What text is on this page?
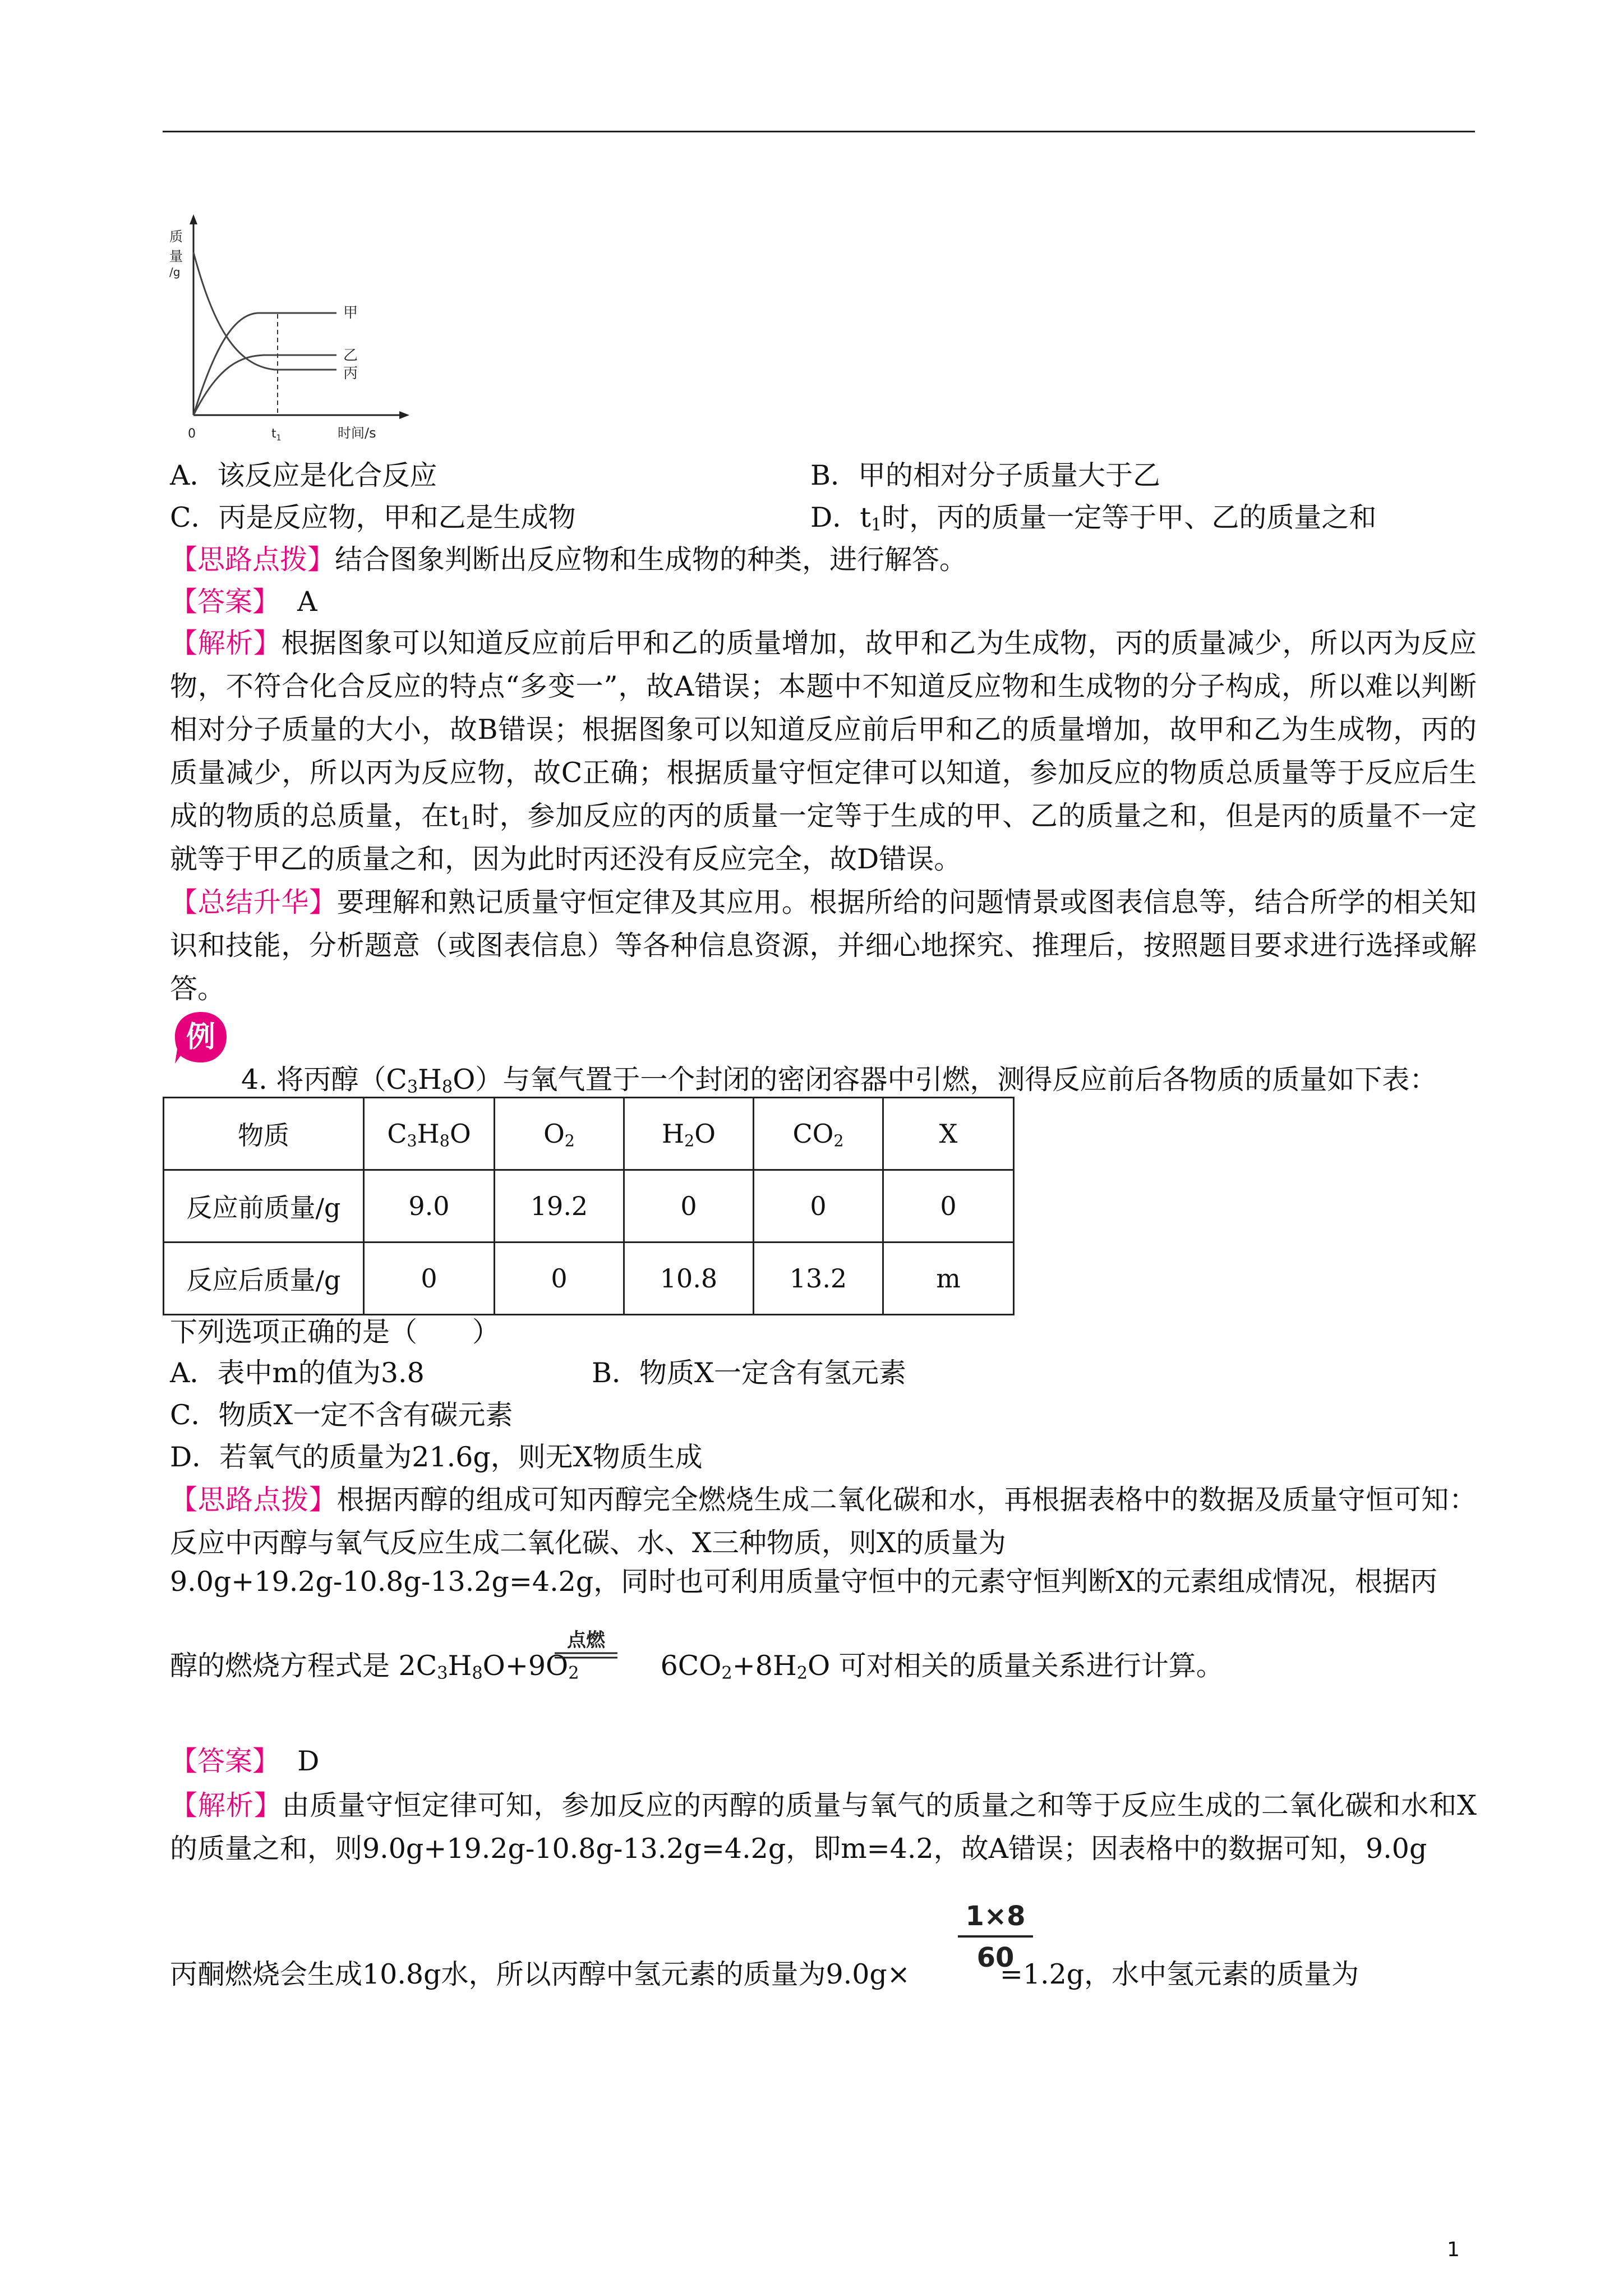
质
量
/g
甲
乙
丙
0	$t_1$	时间/s
A．该反应是化合反应	B．甲的相对分子质量大于乙
C．丙是反应物，甲和乙是生成物	D．$t_1$时，丙的质量一定等于甲、乙的质量之和
【思路点拨】结合图象判断出反应物和生成物的种类，进行解答。
【答案】 A
【解析】根据图象可以知道反应前后甲和乙的质量增加，故甲和乙为生成物，丙的质量减少，所以丙为反应物，不符合化合反应的特点“多变一”，故A错误；本题中不知道反应物和生成物的分子构成，所以难以判断相对分子质量的大小，故B错误；根据图象可以知道反应前后甲和乙的质量增加，故甲和乙为生成物，丙的质量减少，所以丙为反应物，故C正确；根据质量守恒定律可以知道，参加反应的物质总质量等于反应后生成的物质的总质量，在$t_1$时，参加反应的丙的质量一定等于生成的甲、乙的质量之和，但是丙的质量不一定就等于甲乙的质量之和，因为此时丙还没有反应完全，故D错误。
【总结升华】要理解和熟记质量守恒定律及其应用。根据所给的问题情景或图表信息等，结合所学的相关知识和技能，分析题意（或图表信息）等各种信息资源，并细心地探究、推理后，按照题目要求进行选择或解答。
例
4. 将丙醇$(C_3H_8O)$与氧气置于一个封闭的密闭容器中引燃，测得反应前后各物质的质量如下表：
物质	$C_3H_8O$	$O_2$	$H_2O$	$CO_2$	X
反应前质量/g	9.0	19.2	0	0	0
反应后质量/g	0	0	10.8	13.2	m
下列选项正确的是（　　）
A．表中m的值为3.8	B．物质X一定含有氢元素
C．物质X一定不含有碳元素
D．若氧气的质量为21.6g，则无X物质生成
【思路点拨】根据丙醇的组成可知丙醇完全燃烧生成二氧化碳和水，再根据表格中的数据及质量守恒可知：反应中丙醇与氧气反应生成二氧化碳、水、X三种物质，则X的质量为
9.0g+19.2g-10.8g-13.2g=4.2g，同时也可利用质量守恒中的元素守恒判断X的元素组成情况，根据丙
醇的燃烧方程式是 $2C_3H_8O+9O_2$	$6CO_2+8H_2O$ 可对相关的质量关系进行计算。
点燃
【答案】 D
【解析】由质量守恒定律可知，参加反应的丙醇的质量与氧气的质量之和等于反应生成的二氧化碳和水和X的质量之和，则9.0g+19.2g-10.8g-13.2g=4.2g，即m=4.2，故A错误；因表格中的数据可知，9.0g
丙酮燃烧会生成10.8g水，所以丙醇中氢元素的质量为9.0g×	=1.2g，水中氢元素的质量为
1×8
60
1
